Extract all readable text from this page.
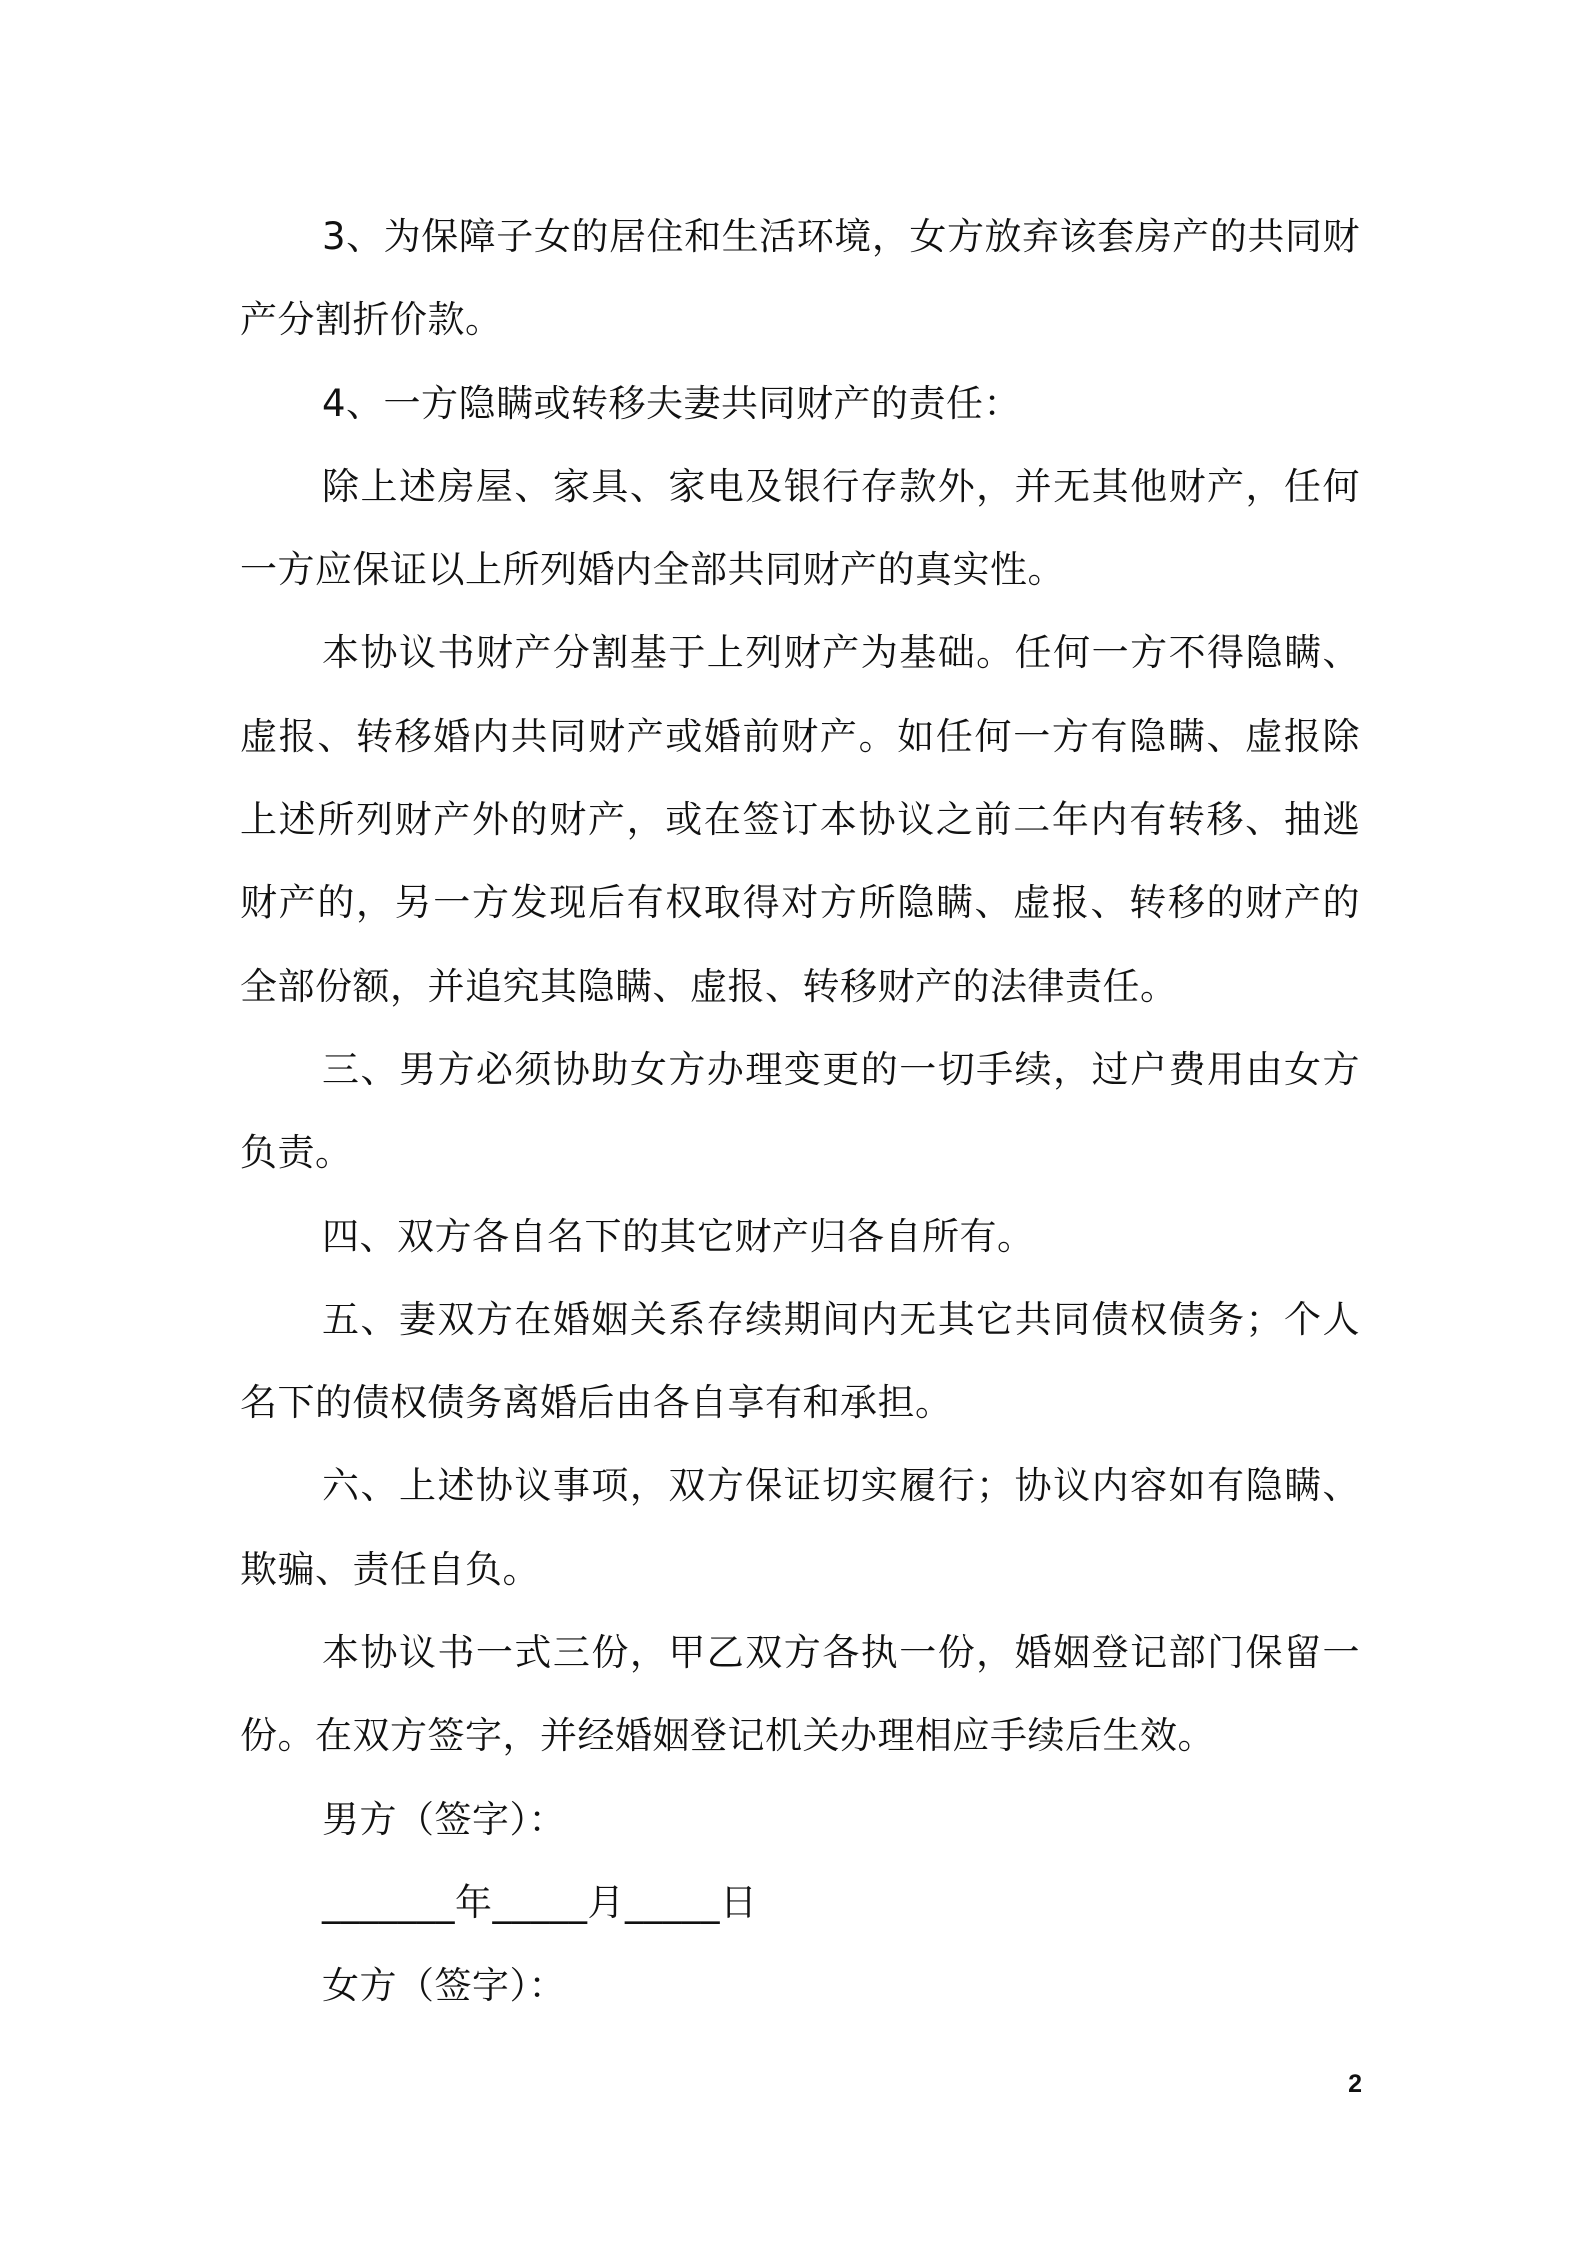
3、为保障子女的居住和生活环境，女方放弃该套房产的共同财产分割折价款。

4、一方隐瞒或转移夫妻共同财产的责任：

除上述房屋、家具、家电及银行存款外，并无其他财产，任何一方应保证以上所列婚内全部共同财产的真实性。

本协议书财产分割基于上列财产为基础。任何一方不得隐瞒、虚报、转移婚内共同财产或婚前财产。如任何一方有隐瞒、虚报除上述所列财产外的财产，或在签订本协议之前二年内有转移、抽逃财产的，另一方发现后有权取得对方所隐瞒、虚报、转移的财产的全部份额，并追究其隐瞒、虚报、转移财产的法律责任。

三、男方必须协助女方办理变更的一切手续，过户费用由女方负责。

四、双方各自名下的其它财产归各自所有。

五、妻双方在婚姻关系存续期间内无其它共同债权债务；个人名下的债权债务离婚后由各自享有和承担。

六、上述协议事项，双方保证切实履行；协议内容如有隐瞒、欺骗、责任自负。

本协议书一式三份，甲乙双方各执一份，婚姻登记部门保留一份。在双方签字，并经婚姻登记机关办理相应手续后生效。

男方（签字）：

_______年_____月_____日

女方（签字）：

2
